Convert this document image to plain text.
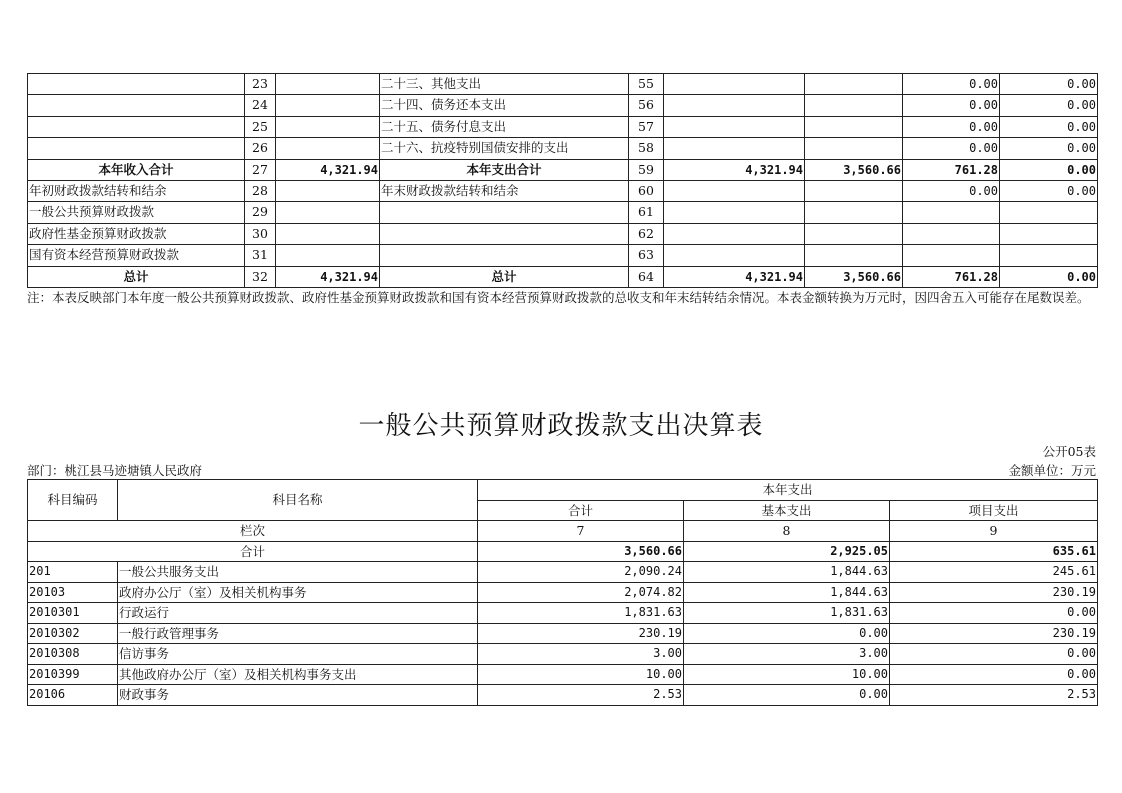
	23		二十三、其他支出	55			0.00	0.00
	24		二十四、债务还本支出	56			0.00	0.00
	25		二十五、债务付息支出	57			0.00	0.00
	26		二十六、抗疫特别国债安排的支出	58			0.00	0.00
本年收入合计	27	4,321.94	本年支出合计	59	4,321.94	3,560.66	761.28	0.00
年初财政拨款结转和结余	28		年末财政拨款结转和结余	60			0.00	0.00
一般公共预算财政拨款	29			61				
政府性基金预算财政拨款	30			62				
国有资本经营预算财政拨款	31			63				
总计	32	4,321.94	总计	64	4,321.94	3,560.66	761.28	0.00
注：本表反映部门本年度一般公共预算财政拨款、政府性基金预算财政拨款和国有资本经营预算财政拨款的总收支和年末结转结余情况。本表金额转换为万元时，因四舍五入可能存在尾数误差。
一般公共预算财政拨款支出决算表
公开05表
部门：桃江县马迹塘镇人民政府	金额单位：万元
科目编码	科目名称	本年支出		
		合计	基本支出	项目支出
栏次		7	8	9
合计		3,560.66	2,925.05	635.61
201	一般公共服务支出	2,090.24	1,844.63	245.61
20103	政府办公厅（室）及相关机构事务	2,074.82	1,844.63	230.19
2010301	行政运行	1,831.63	1,831.63	0.00
2010302	一般行政管理事务	230.19	0.00	230.19
2010308	信访事务	3.00	3.00	0.00
2010399	其他政府办公厅（室）及相关机构事务支出	10.00	10.00	0.00
20106	财政事务	2.53	0.00	2.53
